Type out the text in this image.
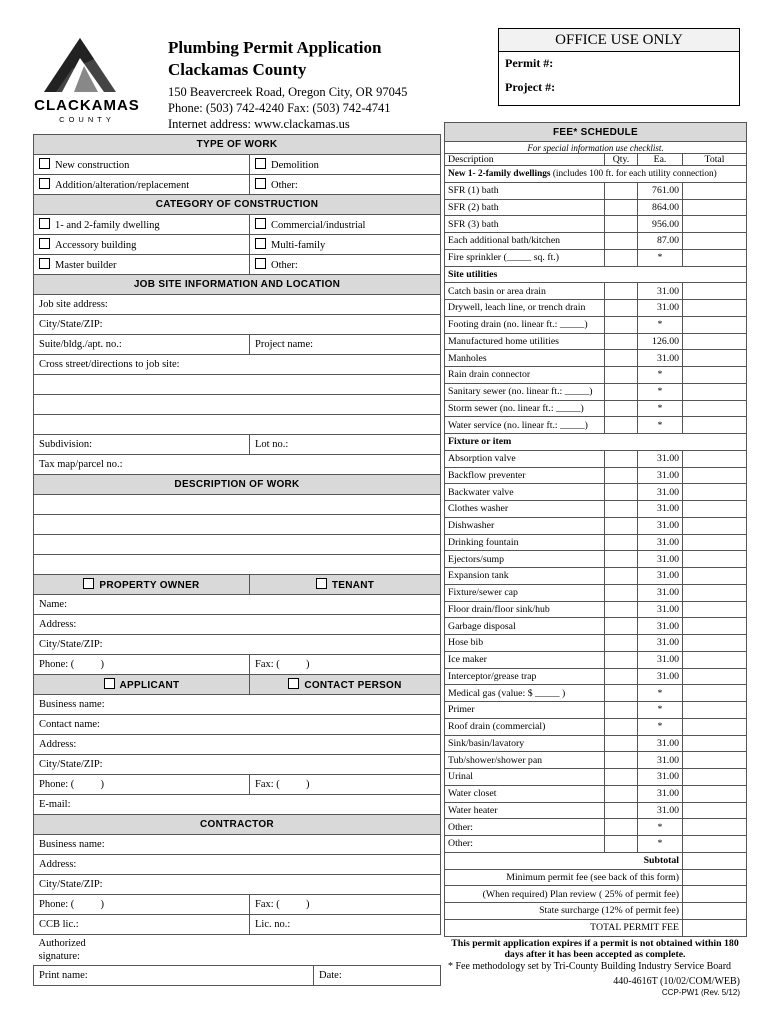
CLACKAMAS
COUNTY
Plumbing Permit Application
Clackamas County
150 Beavercreek Road, Oregon City, OR 97045
Phone: (503) 742-4240 Fax: (503) 742-4741
Internet address: www.clackamas.us
OFFICE USE ONLY
Permit #:
Project #:
TYPE OF WORK		
New construction	Demolition	
Addition/alteration/replacement	Other:	
CATEGORY OF CONSTRUCTION		
1- and 2-family dwelling	Commercial/industrial	
Accessory building	Multi-family	
Master builder	Other:	
JOB SITE INFORMATION AND LOCATION		
Job site address:		
City/State/ZIP:		
Suite/bldg./apt. no.:	Project name:	
Cross street/directions to job site:		

Subdivision:	Lot no.:	
Tax map/parcel no.:		
DESCRIPTION OF WORK		

PROPERTY OWNER	TENANT	
Name:		
Address:		
City/State/ZIP:		
Phone: (          )	Fax: (          )	
APPLICANT	CONTACT PERSON	
Business name:		
Contact name:		
Address:		
City/State/ZIP:		
Phone: (          )	Fax: (          )	
E-mail:		
CONTRACTOR		
Business name:		
Address:		
City/State/ZIP:		
Phone: (          )	Fax: (          )	
CCB lic.:	Lic. no.:	

Authorized
signature:		

Print name:		Date:
FEE* SCHEDULE			
For special information use checklist.			
Description	Qty.	Ea.	Total
New 1- 2-family dwellings (includes 100 ft. for each utility connection)			
SFR (1) bath		761.00	
SFR (2) bath		864.00	
SFR (3) bath		956.00	
Each additional bath/kitchen		87.00	
Fire sprinkler (_____ sq. ft.)		*	
Site utilities			
Catch basin or area drain		31.00	
Drywell, leach line, or trench drain		31.00	
Footing drain (no. linear ft.: _____)		*	
Manufactured home utilities		126.00	
Manholes		31.00	
Rain drain connector		*	
Sanitary sewer (no. linear ft.: _____)		*	
Storm sewer (no. linear ft.: _____)		*	
Water service (no. linear ft.: _____)		*	
Fixture or item			
Absorption valve		31.00	
Backflow preventer		31.00	
Backwater valve		31.00	
Clothes washer		31.00	
Dishwasher		31.00	
Drinking fountain		31.00	
Ejectors/sump		31.00	
Expansion tank		31.00	
Fixture/sewer cap		31.00	
Floor drain/floor sink/hub		31.00	
Garbage disposal		31.00	
Hose bib		31.00	
Ice maker		31.00	
Interceptor/grease trap		31.00	
Medical gas (value: $ _____ )		*	
Primer		*	
Roof drain (commercial)		*	
Sink/basin/lavatory		31.00	
Tub/shower/shower pan		31.00	
Urinal		31.00	
Water closet		31.00	
Water heater		31.00	
Other:		*	
Other:		*	
Subtotal			
Minimum permit fee (see back of this form)			
(When required) Plan review ( 25% of permit fee)			
State surcharge (12% of permit fee)			
TOTAL PERMIT FEE			
This permit application expires if a permit is not obtained within 180 days after it has been accepted as complete.
* Fee methodology set by Tri-County Building Industry Service Board
440-4616T (10/02/COM/WEB)
CCP-PW1 (Rev. 5/12)
